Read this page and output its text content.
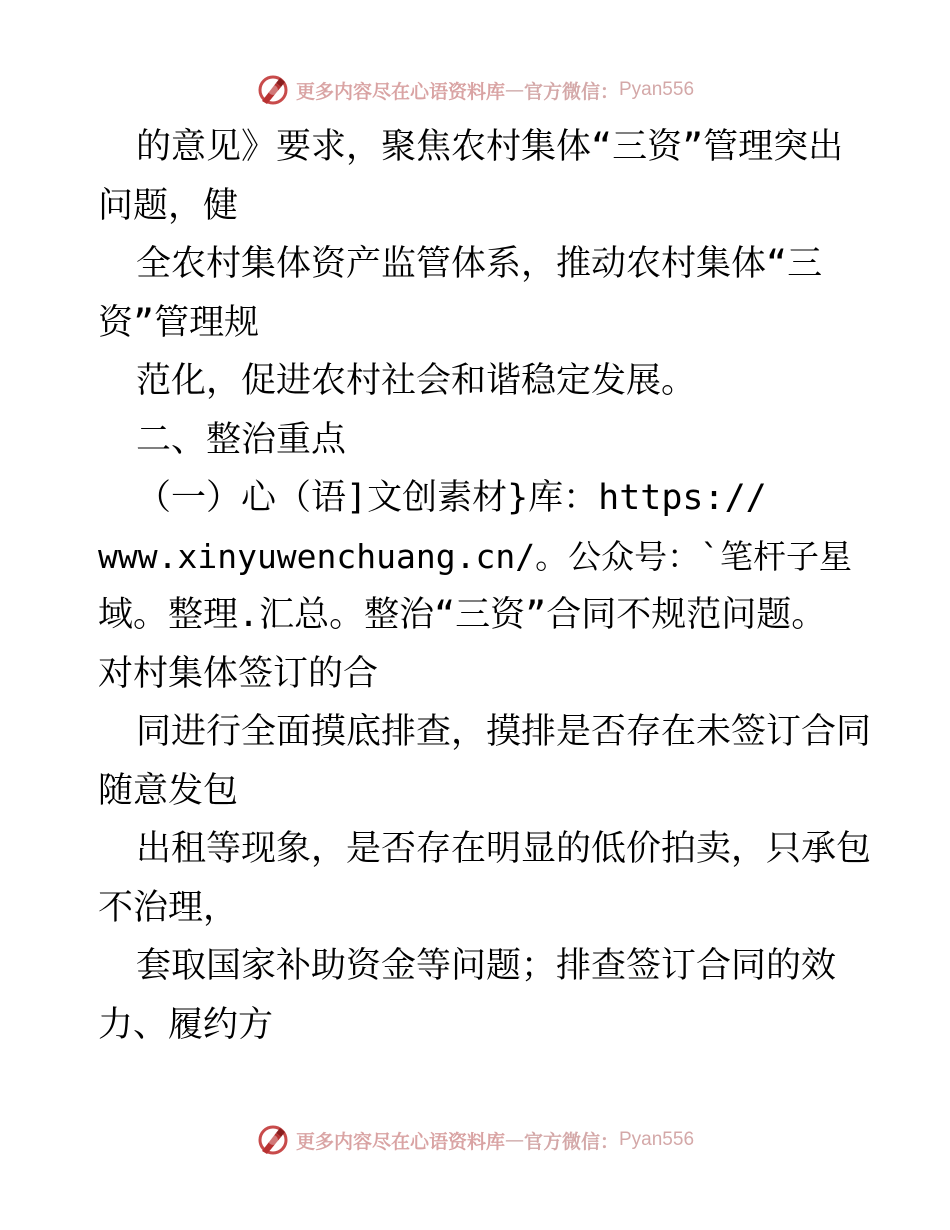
更多内容尽在心语资料库 — 官方微信： Pyan556
的意见》要求，聚焦农村集体“三资”管理突出
问题，健
全农村集体资产监管体系，推动农村集体“三
资”管理规
范化，促进农村社会和谐稳定发展。
二、整治重点
（一）心（语]文创素材}库：https://
www.xinyuwenchuang.cn/。公众号：`笔杆子星
域。整理.汇总。整治“三资”合同不规范问题。
对村集体签订的合
同进行全面摸底排查，摸排是否存在未签订合同
随意发包
出租等现象，是否存在明显的低价拍卖，只承包
不治理，
套取国家补助资金等问题；排查签订合同的效
力、履约方
更多内容尽在心语资料库 — 官方微信： Pyan556
